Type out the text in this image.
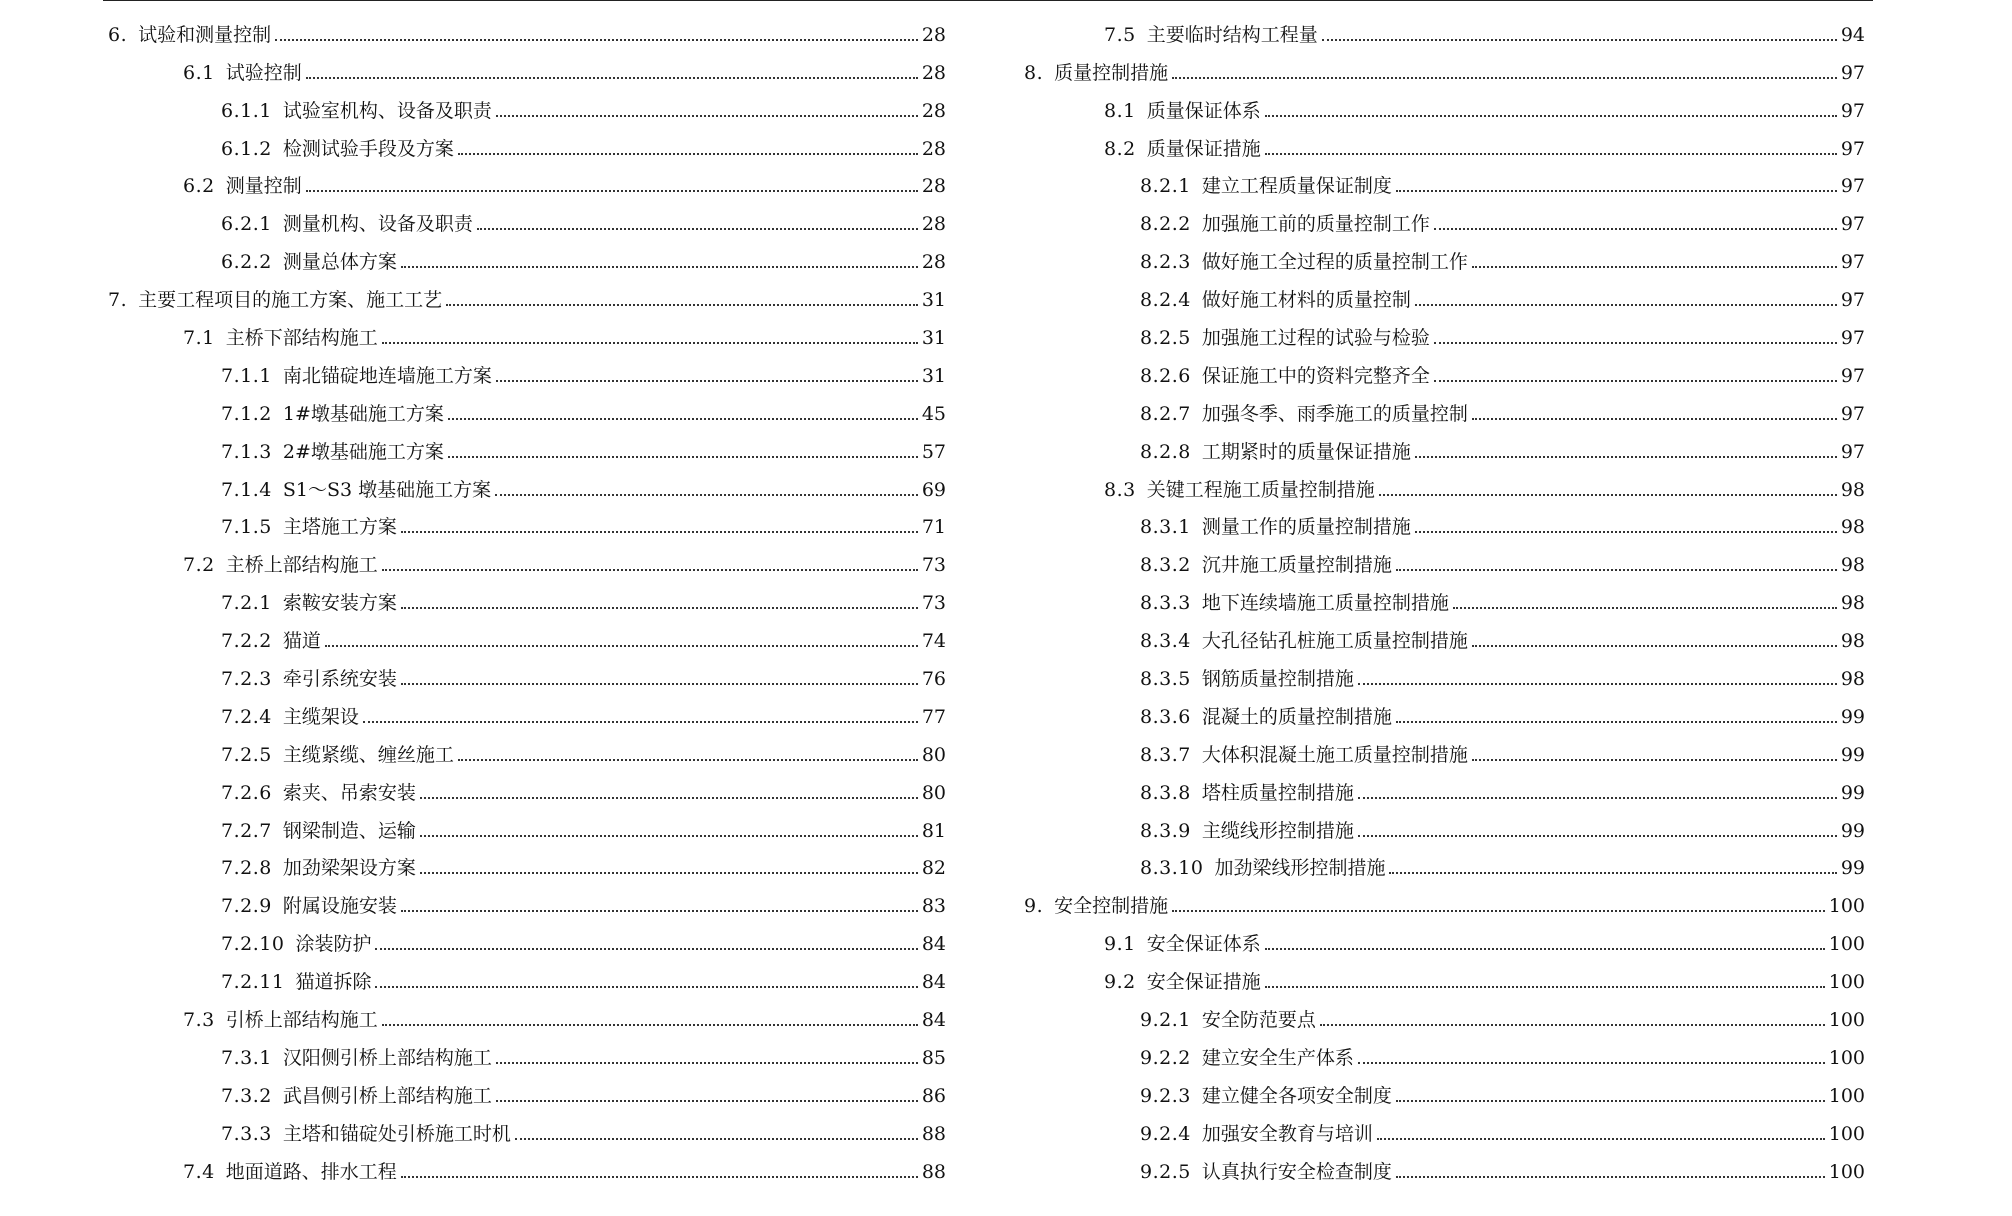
6. 试验和测量控制	28
6.1 试验控制	28
6.1.1 试验室机构、设备及职责	28
6.1.2 检测试验手段及方案	28
6.2 测量控制	28
6.2.1 测量机构、设备及职责	28
6.2.2 测量总体方案	28
7. 主要工程项目的施工方案、施工工艺	31
7.1 主桥下部结构施工	31
7.1.1 南北锚碇地连墙施工方案	31
7.1.2 1#墩基础施工方案	45
7.1.3 2#墩基础施工方案	57
7.1.4 S1～S3 墩基础施工方案	69
7.1.5 主塔施工方案	71
7.2 主桥上部结构施工	73
7.2.1 索鞍安装方案	73
7.2.2 猫道	74
7.2.3 牵引系统安装	76
7.2.4 主缆架设	77
7.2.5 主缆紧缆、缠丝施工	80
7.2.6 索夹、吊索安装	80
7.2.7 钢梁制造、运输	81
7.2.8 加劲梁架设方案	82
7.2.9 附属设施安装	83
7.2.10 涂装防护	84
7.2.11 猫道拆除	84
7.3 引桥上部结构施工	84
7.3.1 汉阳侧引桥上部结构施工	85
7.3.2 武昌侧引桥上部结构施工	86
7.3.3 主塔和锚碇处引桥施工时机	88
7.4 地面道路、排水工程	88
7.5 主要临时结构工程量	94
8. 质量控制措施	97
8.1 质量保证体系	97
8.2 质量保证措施	97
8.2.1 建立工程质量保证制度	97
8.2.2 加强施工前的质量控制工作	97
8.2.3 做好施工全过程的质量控制工作	97
8.2.4 做好施工材料的质量控制	97
8.2.5 加强施工过程的试验与检验	97
8.2.6 保证施工中的资料完整齐全	97
8.2.7 加强冬季、雨季施工的质量控制	97
8.2.8 工期紧时的质量保证措施	97
8.3 关键工程施工质量控制措施	98
8.3.1 测量工作的质量控制措施	98
8.3.2 沉井施工质量控制措施	98
8.3.3 地下连续墙施工质量控制措施	98
8.3.4 大孔径钻孔桩施工质量控制措施	98
8.3.5 钢筋质量控制措施	98
8.3.6 混凝土的质量控制措施	99
8.3.7 大体积混凝土施工质量控制措施	99
8.3.8 塔柱质量控制措施	99
8.3.9 主缆线形控制措施	99
8.3.10 加劲梁线形控制措施	99
9. 安全控制措施	100
9.1 安全保证体系	100
9.2 安全保证措施	100
9.2.1 安全防范要点	100
9.2.2 建立安全生产体系	100
9.2.3 建立健全各项安全制度	100
9.2.4 加强安全教育与培训	100
9.2.5 认真执行安全检查制度	100
